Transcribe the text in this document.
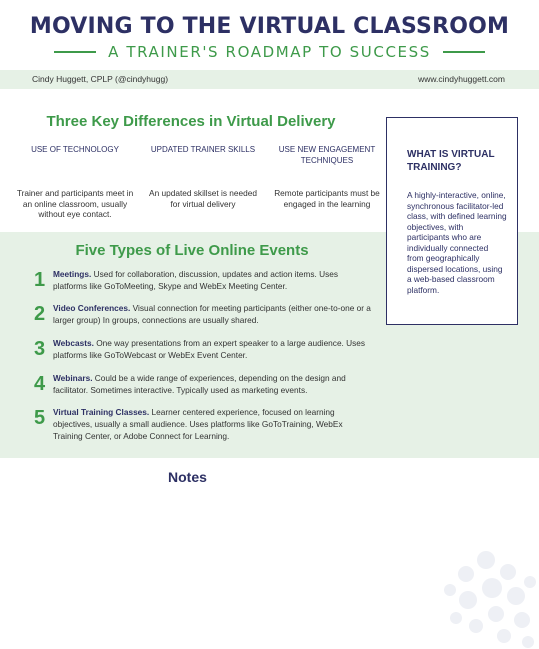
MOVING TO THE VIRTUAL CLASSROOM
A TRAINER'S ROADMAP TO SUCCESS
Cindy Huggett, CPLP (@cindyhugg)	www.cindyhuggett.com
Three Key Differences in Virtual Delivery
USE OF TECHNOLOGY
Trainer and participants meet in an online classroom, usually without eye contact.
UPDATED TRAINER SKILLS
An updated skillset is needed for virtual delivery
USE NEW ENGAGEMENT TECHNIQUES
Remote participants must be engaged in the learning
WHAT IS VIRTUAL TRAINING?
A highly-interactive, online, synchronous facilitator-led class, with defined learning objectives, with participants who are individually connected from geographically dispersed locations, using a web-based classroom platform.
Five Types of Live Online Events
1 Meetings. Used for collaboration, discussion, updates and action items. Uses platforms like GoToMeeting, Skype and WebEx Meeting Center.
2 Video Conferences. Visual connection for meeting participants (either one-to-one or a larger group) In groups, connections are usually shared.
3 Webcasts. One way presentations from an expert speaker to a large audience. Uses platforms like GoToWebcast or WebEx Event Center.
4 Webinars. Could be a wide range of experiences, depending on the design and facilitator. Sometimes interactive. Typically used as marketing events.
5 Virtual Training Classes. Learner centered experience, focused on learning objectives, usually a small audience. Uses platforms like GoToTraining, WebEx Training Center, or Adobe Connect for Learning.
Notes
